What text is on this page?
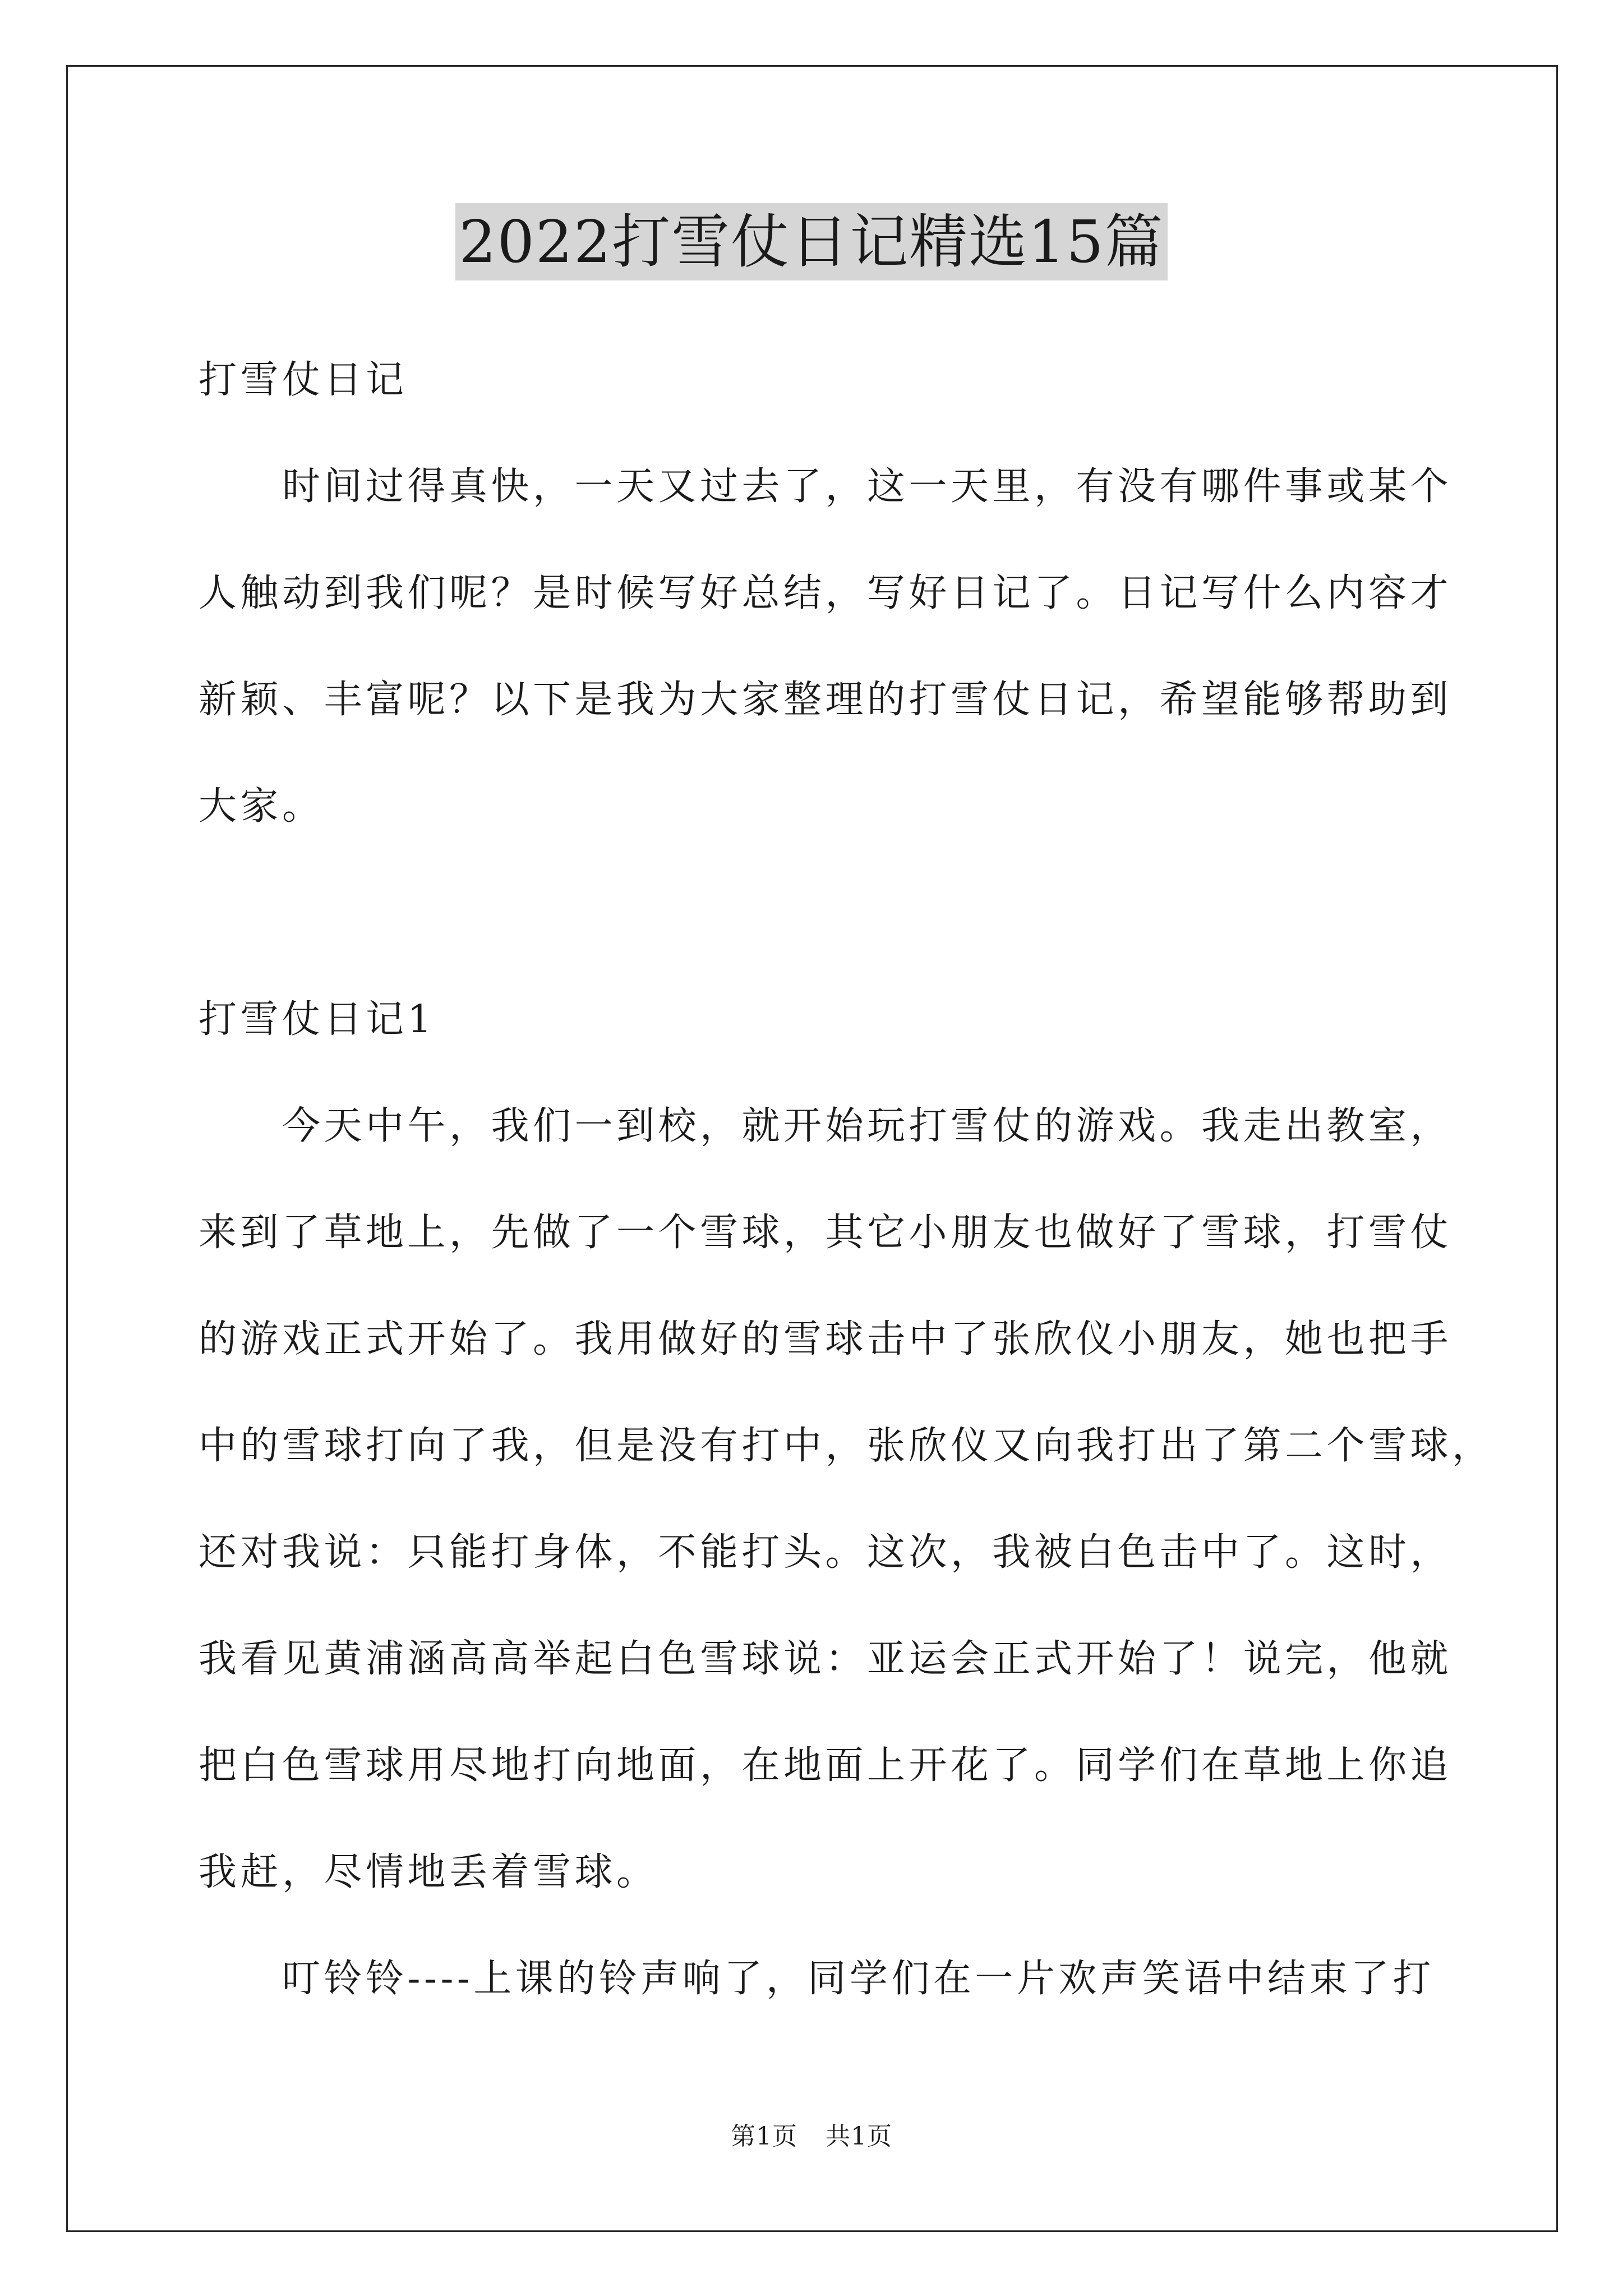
2022打雪仗日记精选15篇
打雪仗日记
　　时间过得真快，一天又过去了，这一天里，有没有哪件事或某个
人触动到我们呢？是时候写好总结，写好日记了。日记写什么内容才
新颖、丰富呢？以下是我为大家整理的打雪仗日记，希望能够帮助到
大家。
打雪仗日记1
　　今天中午，我们一到校，就开始玩打雪仗的游戏。我走出教室，
来到了草地上，先做了一个雪球，其它小朋友也做好了雪球，打雪仗
的游戏正式开始了。我用做好的雪球击中了张欣仪小朋友，她也把手
中的雪球打向了我，但是没有打中，张欣仪又向我打出了第二个雪球，
还对我说：只能打身体，不能打头。这次，我被白色击中了。这时，
我看见黄浦涵高高举起白色雪球说：亚运会正式开始了！说完，他就
把白色雪球用尽地打向地面，在地面上开花了。同学们在草地上你追
我赶，尽情地丢着雪球。
　　叮铃铃----上课的铃声响了，同学们在一片欢声笑语中结束了打
第1页 共1页
